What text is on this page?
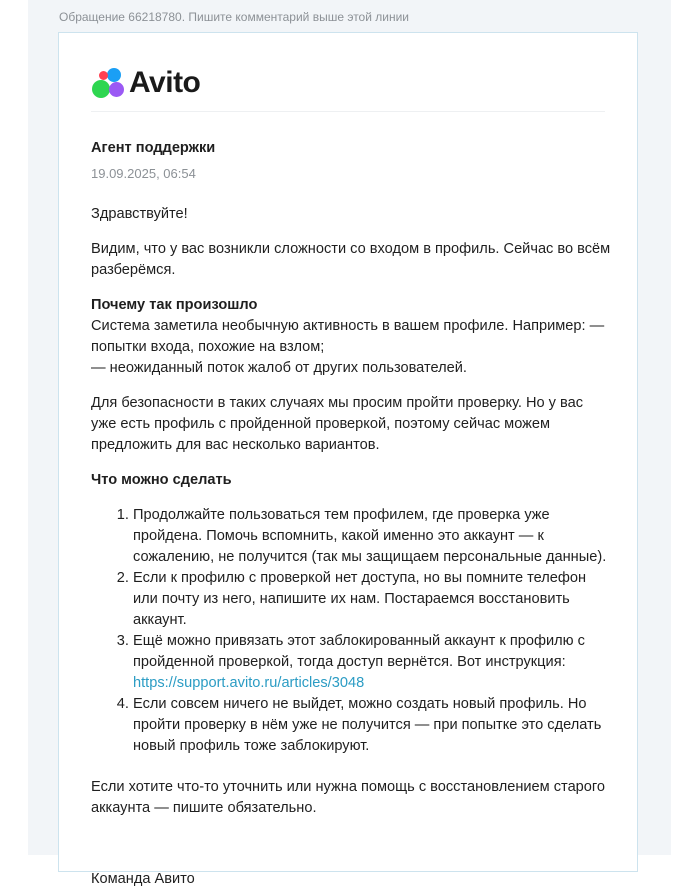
Обращение 66218780. Пишите комментарий выше этой линии
Avito
Агент поддержки
19.09.2025, 06:54

Здравствуйте!

Видим, что у вас возникли сложности со входом в профиль. Сейчас во всём разберёмся.

Почему так произошло

Система заметила необычную активность в вашем профиле. Например: — попытки входа, похожие на взлом;
— неожиданный поток жалоб от других пользователей.

Для безопасности в таких случаях мы просим пройти проверку. Но у вас уже есть профиль с пройденной проверкой, поэтому сейчас можем предложить для вас несколько вариантов.

Что можно сделать

1. Продолжайте пользоваться тем профилем, где проверка уже пройдена. Помочь вспомнить, какой именно это аккаунт — к сожалению, не получится (так мы защищаем персональные данные).
2. Если к профилю с проверкой нет доступа, но вы помните телефон или почту из него, напишите их нам. Постараемся восстановить аккаунт.
3. Ещё можно привязать этот заблокированный аккаунт к профилю с пройденной проверкой, тогда доступ вернётся. Вот инструкция:
https://support.avito.ru/articles/3048
4. Если совсем ничего не выйдет, можно создать новый профиль. Но пройти проверку в нём уже не получится — при попытке это сделать новый профиль тоже заблокируют.

Если хотите что-то уточнить или нужна помощь с восстановлением старого аккаунта — пишите обязательно.

Команда Авито
